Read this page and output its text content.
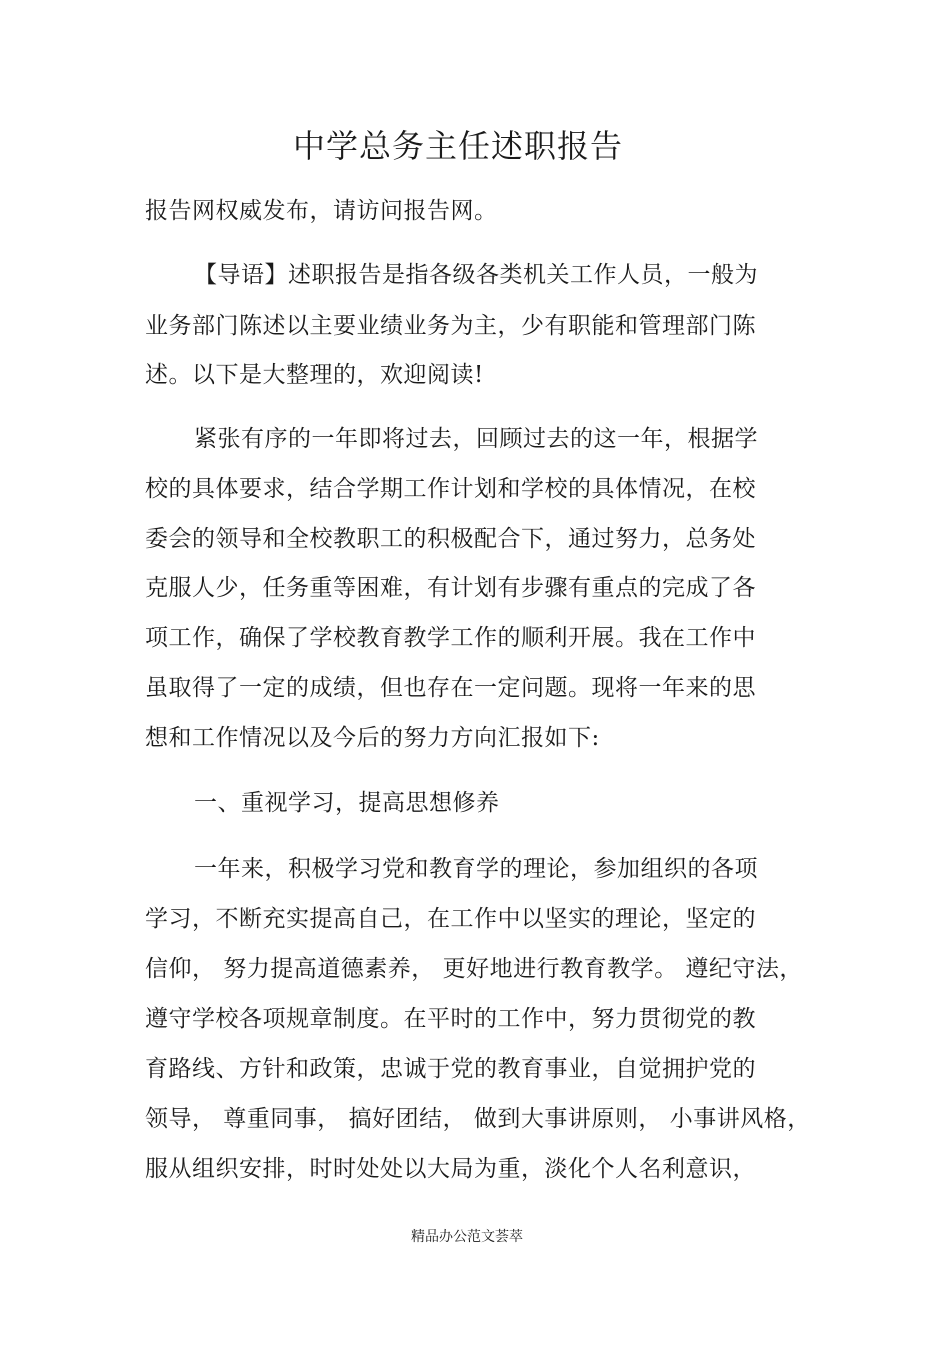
中学总务主任述职报告
报告网权威发布，请访问报告网。
【导语】述职报告是指各级各类机关工作人员，一般为
业务部门陈述以主要业绩业务为主，少有职能和管理部门陈
述。以下是大整理的，欢迎阅读!
紧张有序的一年即将过去，回顾过去的这一年，根据学
校的具体要求，结合学期工作计划和学校的具体情况，在校
委会的领导和全校教职工的积极配合下，通过努力，总务处
克服人少，任务重等困难，有计划有步骤有重点的完成了各
项工作，确保了学校教育教学工作的顺利开展。我在工作中
虽取得了一定的成绩，但也存在一定问题。现将一年来的思
想和工作情况以及今后的努力方向汇报如下:
一、重视学习，提高思想修养
一年来，积极学习党和教育学的理论，参加组织的各项
学习，不断充实提高自己，在工作中以坚实的理论，坚定的
信仰， 努力提高道德素养， 更好地进行教育教学。 遵纪守法，
遵守学校各项规章制度。在平时的工作中，努力贯彻党的教
育路线、方针和政策，忠诚于党的教育事业，自觉拥护党的
领导， 尊重同事， 搞好团结， 做到大事讲原则， 小事讲风格，
服从组织安排，时时处处以大局为重，淡化个人名利意识，
精品办公范文荟萃
